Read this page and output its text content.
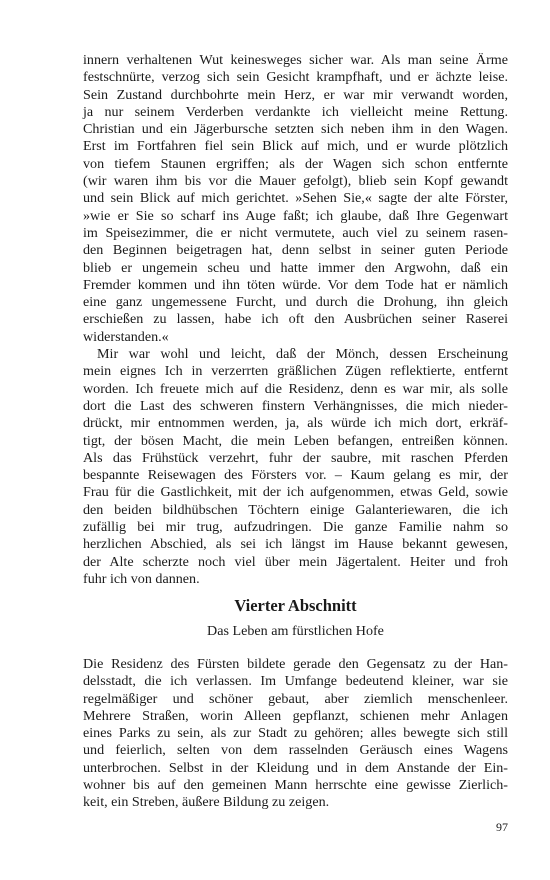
innern verhaltenen Wut keinesweges sicher war. Als man seine Ärme
festschnürte, verzog sich sein Gesicht krampfhaft, und er ächzte leise.
Sein Zustand durchbohrte mein Herz, er war mir verwandt worden,
ja nur seinem Verderben verdankte ich vielleicht meine Rettung.
Christian und ein Jägerbursche setzten sich neben ihm in den Wagen.
Erst im Fortfahren fiel sein Blick auf mich, und er wurde plötzlich
von tiefem Staunen ergriffen; als der Wagen sich schon entfernte
(wir waren ihm bis vor die Mauer gefolgt), blieb sein Kopf gewandt
und sein Blick auf mich gerichtet. »Sehen Sie,« sagte der alte Förster,
»wie er Sie so scharf ins Auge faßt; ich glaube, daß Ihre Gegenwart
im Speisezimmer, die er nicht vermutete, auch viel zu seinem rasen-
den Beginnen beigetragen hat, denn selbst in seiner guten Periode
blieb er ungemein scheu und hatte immer den Argwohn, daß ein
Fremder kommen und ihn töten würde. Vor dem Tode hat er nämlich
eine ganz ungemessene Furcht, und durch die Drohung, ihn gleich
erschießen zu lassen, habe ich oft den Ausbrüchen seiner Raserei
widerstanden.«
Mir war wohl und leicht, daß der Mönch, dessen Erscheinung
mein eignes Ich in verzerrten gräßlichen Zügen reflektierte, entfernt
worden. Ich freuete mich auf die Residenz, denn es war mir, als solle
dort die Last des schweren finstern Verhängnisses, die mich nieder-
drückt, mir entnommen werden, ja, als würde ich mich dort, erkräf-
tigt, der bösen Macht, die mein Leben befangen, entreißen können.
Als das Frühstück verzehrt, fuhr der saubre, mit raschen Pferden
bespannte Reisewagen des Försters vor. – Kaum gelang es mir, der
Frau für die Gastlichkeit, mit der ich aufgenommen, etwas Geld, sowie
den beiden bildhübschen Töchtern einige Galanteriewaren, die ich
zufällig bei mir trug, aufzudringen. Die ganze Familie nahm so
herzlichen Abschied, als sei ich längst im Hause bekannt gewesen,
der Alte scherzte noch viel über mein Jägertalent. Heiter und froh
fuhr ich von dannen.
Vierter Abschnitt
Das Leben am fürstlichen Hofe
Die Residenz des Fürsten bildete gerade den Gegensatz zu der Han-
delsstadt, die ich verlassen. Im Umfange bedeutend kleiner, war sie
regelmäßiger und schöner gebaut, aber ziemlich menschenleer.
Mehrere Straßen, worin Alleen gepflanzt, schienen mehr Anlagen
eines Parks zu sein, als zur Stadt zu gehören; alles bewegte sich still
und feierlich, selten von dem rasselnden Geräusch eines Wagens
unterbrochen. Selbst in der Kleidung und in dem Anstande der Ein-
wohner bis auf den gemeinen Mann herrschte eine gewisse Zierlich-
keit, ein Streben, äußere Bildung zu zeigen.
97
